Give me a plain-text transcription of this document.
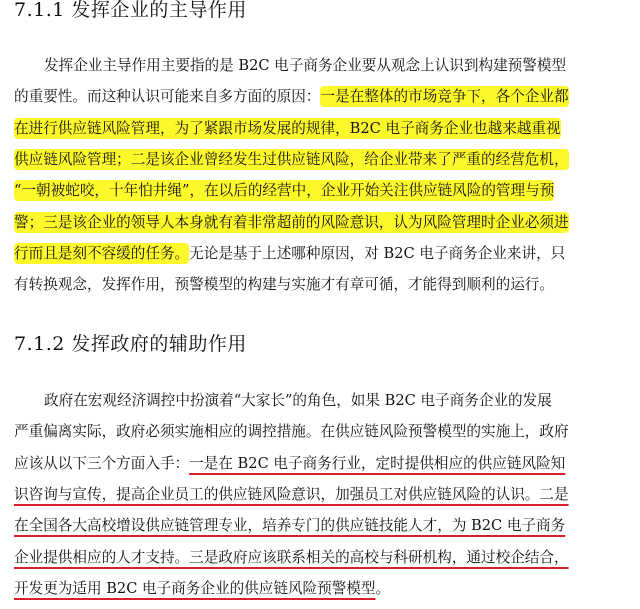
7.1.1 发挥企业的主导作用
发挥企业主导作用主要指的是 B2C 电子商务企业要从观念上认识到构建预警模型
的重要性。而这种认识可能来自多方面的原因：一是在整体的市场竞争下，各个企业都
在进行供应链风险管理，为了紧跟市场发展的规律，B2C 电子商务企业也越来越重视
供应链风险管理；二是该企业曾经发生过供应链风险，给企业带来了严重的经营危机，
“一朝被蛇咬，十年怕井绳”，在以后的经营中，企业开始关注供应链风险的管理与预
警；三是该企业的领导人本身就有着非常超前的风险意识，认为风险管理时企业必须进
行而且是刻不容缓的任务。无论是基于上述哪种原因，对 B2C 电子商务企业来讲，只
有转换观念，发挥作用，预警模型的构建与实施才有章可循，才能得到顺利的运行。
7.1.2 发挥政府的辅助作用
政府在宏观经济调控中扮演着“大家长”的角色，如果 B2C 电子商务企业的发展
严重偏离实际，政府必须实施相应的调控措施。在供应链风险预警模型的实施上，政府
应该从以下三个方面入手：一是在 B2C 电子商务行业，定时提供相应的供应链风险知
识咨询与宣传，提高企业员工的供应链风险意识，加强员工对供应链风险的认识。二是
在全国各大高校增设供应链管理专业，培养专门的供应链技能人才，为 B2C 电子商务
企业提供相应的人才支持。三是政府应该联系相关的高校与科研机构，通过校企结合，
开发更为适用 B2C 电子商务企业的供应链风险预警模型。
